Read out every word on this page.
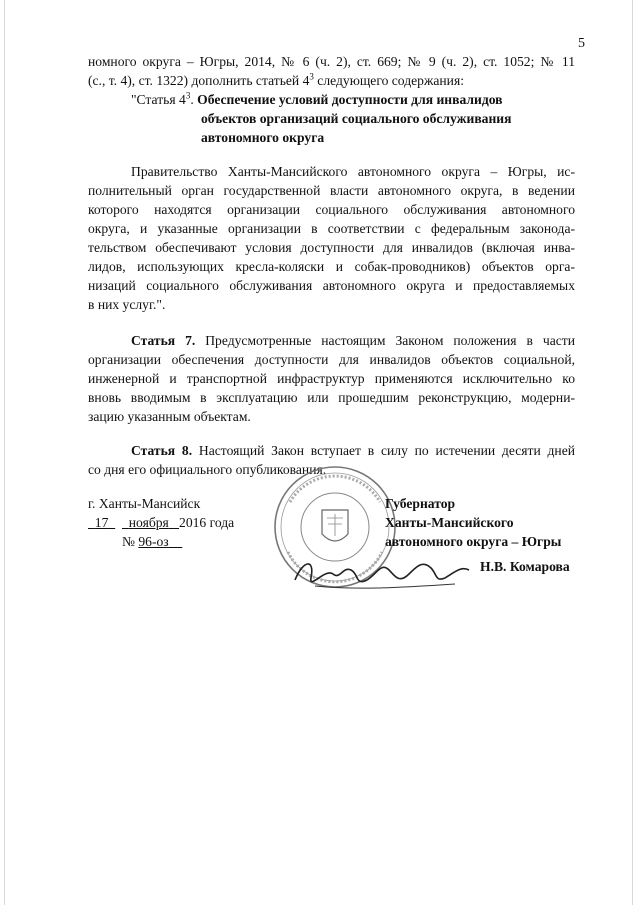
5
номного округа – Югры, 2014, № 6 (ч. 2), ст. 669; № 9 (ч. 2), ст. 1052; № 11
(с., т. 4), ст. 1322) дополнить статьей $4^3$ следующего содержания:
"Статья $4^3$. Обеспечение условий доступности для инвалидов
объектов организаций социального обслуживания
автономного округа
Правительство Ханты-Мансийского автономного округа – Югры, ис-
полнительный орган государственной власти автономного округа, в ведении
которого находятся организации социального обслуживания автономного
округа, и указанные организации в соответствии с федеральным законода-
тельством обеспечивают условия доступности для инвалидов (включая инва-
лидов, использующих кресла-коляски и собак-проводников) объектов орга-
низаций социального обслуживания автономного округа и предоставляемых
в них услуг.".
Статья 7. Предусмотренные настоящим Законом положения в части
организации обеспечения доступности для инвалидов объектов социальной,
инженерной и транспортной инфраструктур применяются исключительно ко
вновь вводимым в эксплуатацию или прошедшим реконструкцию, модерни-
зацию указанным объектам.
Статья 8. Настоящий Закон вступает в силу по истечении десяти дней
со дня его официального опубликования.
г. Ханты-Мансийск
17 ноября 2016 года
№ 96-оз
Губернатор
Ханты-Мансийского
автономного округа – Югры
Н.В. Комарова
